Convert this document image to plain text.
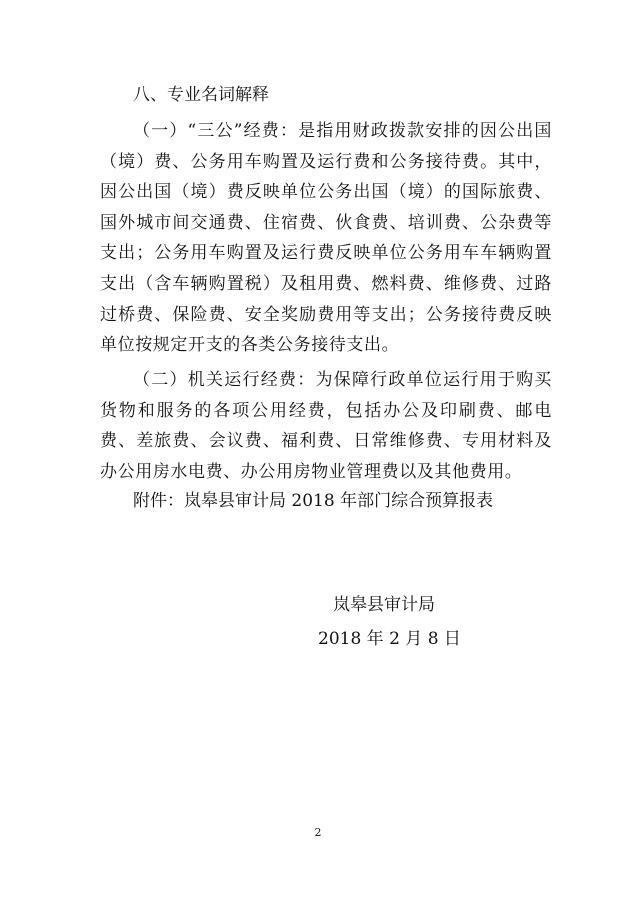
八、专业名词解释

（一）“三公”经费：是指用财政拨款安排的因公出国（境）费、公务用车购置及运行费和公务接待费。其中，因公出国（境）费反映单位公务出国（境）的国际旅费、国外城市间交通费、住宿费、伙食费、培训费、公杂费等支出；公务用车购置及运行费反映单位公务用车车辆购置支出（含车辆购置税）及租用费、燃料费、维修费、过路过桥费、保险费、安全奖励费用等支出；公务接待费反映单位按规定开支的各类公务接待支出。

（二）机关运行经费：为保障行政单位运行用于购买货物和服务的各项公用经费，包括办公及印刷费、邮电费、差旅费、会议费、福利费、日常维修费、专用材料及办公用房水电费、办公用房物业管理费以及其他费用。

附件：岚皋县审计局 2018 年部门综合预算报表
岚皋县审计局
2018 年 2 月 8 日
2
